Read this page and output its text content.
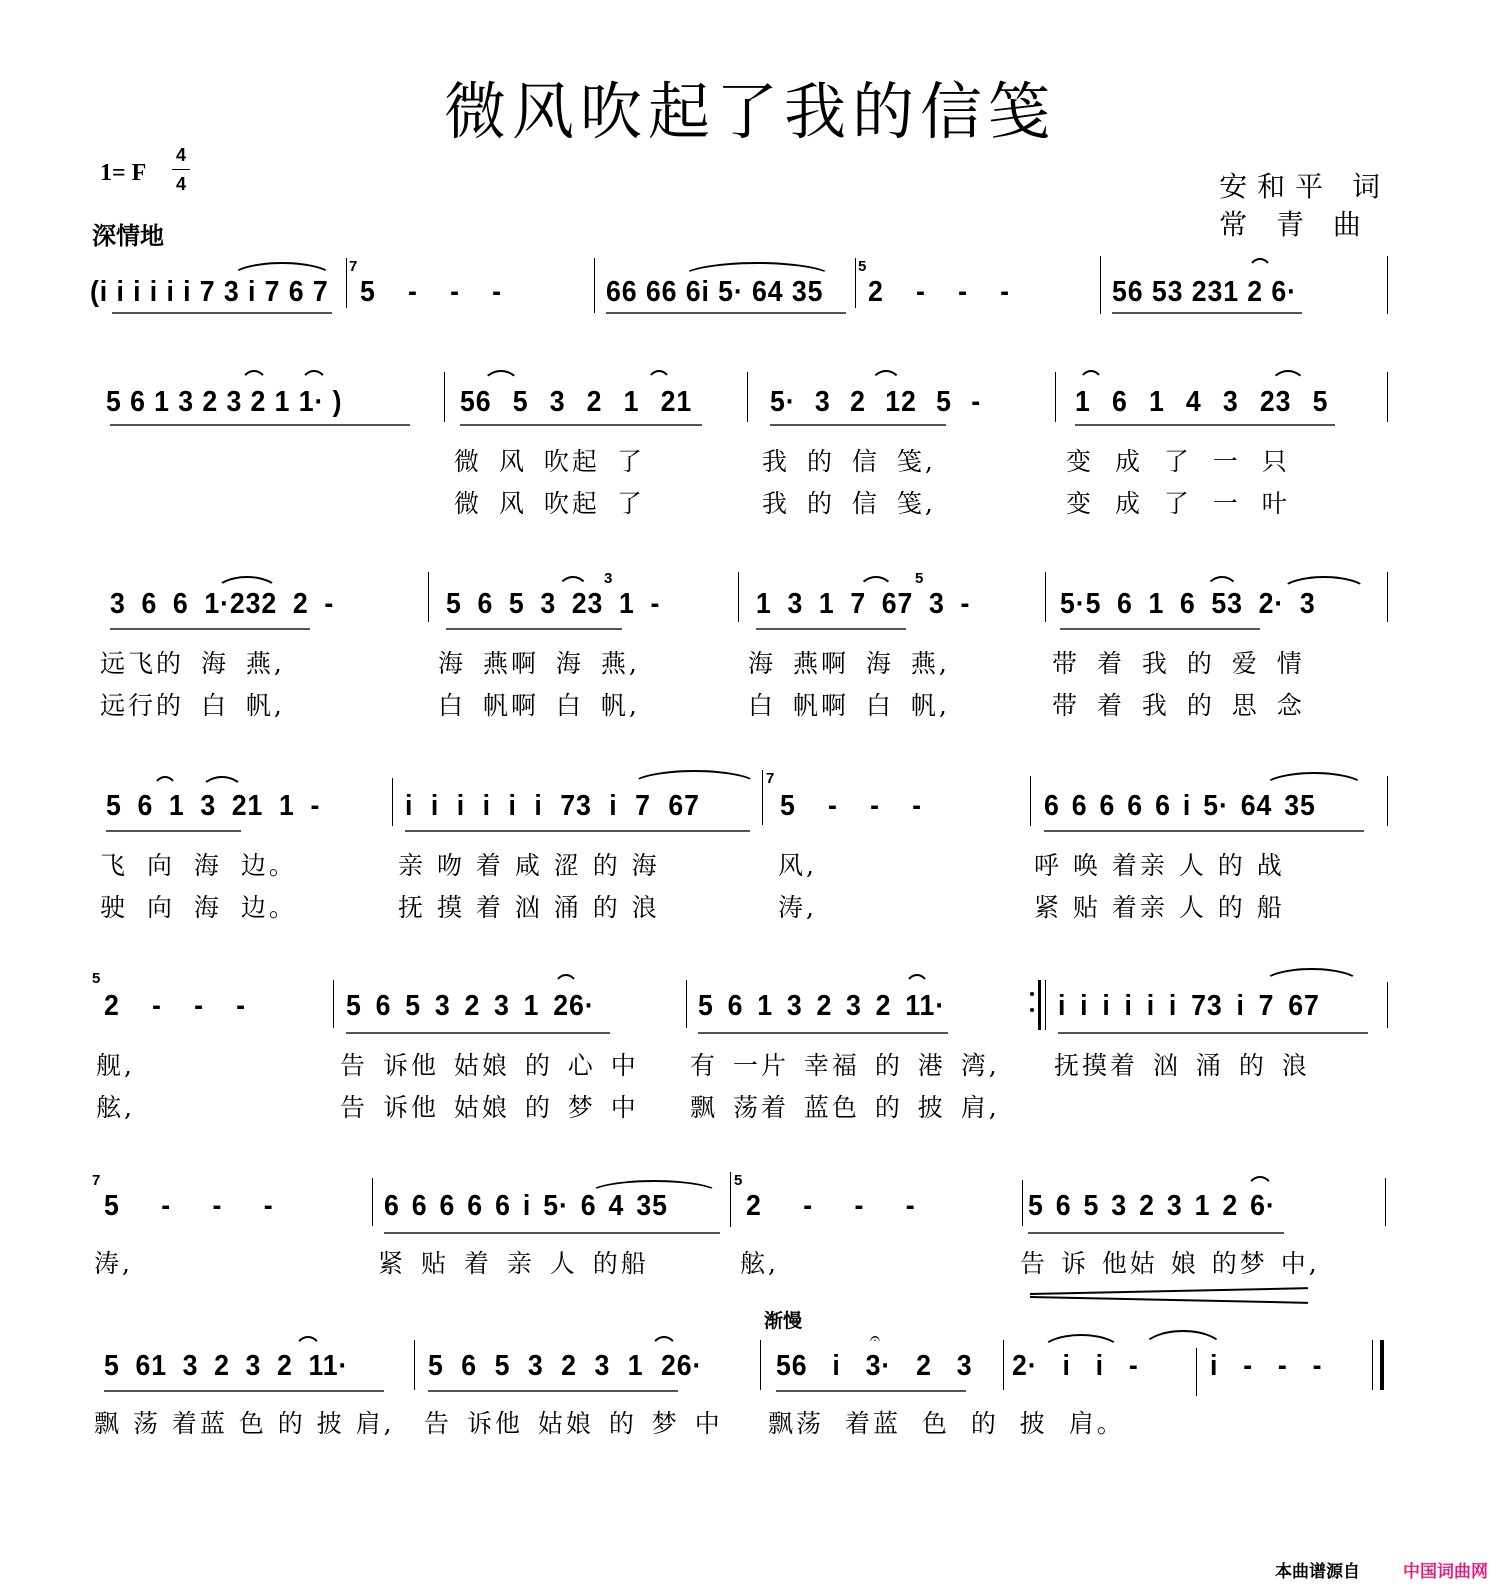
微风吹起了我的信笺
1= F
4
4
深情地
安和平 词
常 青 曲
(i i i i i i 7 3 i 7 6 7
7
5 - - -	66 66 6i 5· 64 35
5
2 - - -	56 53 231 2 6·
5 6 1 3 2 3 2 1 1· )	56 5 3 2 1 21	5· 3 2 12 5 -	1 6 1 4 3 23 5
微 风 吹起 了	我 的 信 笺,	变 成 了 一 只
微 风 吹起 了	我 的 信 笺,	变 成 了 一 叶
3 6 6 1·232 2 -	5 6 5 3 23 1 -
3
1 3 1 7 67 3 -
5
5·5 6 1 6 53 2· 3
远飞的 海 燕,	海 燕啊 海 燕,	海 燕啊 海 燕,	带 着 我 的 爱 情
远行的 白 帆,	白 帆啊 白 帆,	白 帆啊 白 帆,	带 着 我 的 思 念
5 6 1 3 21 1 -	i i i i i i 73 i 7 67
7
5 - - -	6 6 6 6 6 i 5· 64 35
飞 向 海 边。	亲 吻 着 咸 涩 的 海	风,	呼 唤 着亲 人 的 战
驶 向 海 边。	抚 摸 着 汹 涌 的 浪	涛,	紧 贴 着亲 人 的 船
5
2 - - -	5 6 5 3 2 3 1 26·	5 6 1 3 2 3 2 11·	i i i i i i 73 i 7 67
舰,	告 诉他 姑娘 的 心 中 有 一片 幸福 的 港 湾, 抚摸着 汹 涌 的 浪
舷,	告 诉他 姑娘 的 梦 中 飘 荡着 蓝色 的 披 肩,
7
5 - - -	6 6 6 6 6 i 5· 6 4 35
5
2 - - -	5 6 5 3 2 3 1 2 6·
涛,	紧 贴 着 亲 人 的船	舷,	告 诉 他姑 娘 的梦 中,
渐慢
5 61 3 2 3 2 11·	5 6 5 3 2 3 1 26·	56 i 3· 2 3 2· i i - i - - -
𝄐
飘 荡 着蓝 色 的 披 肩, 告 诉他 姑娘 的 梦 中 飘荡 着蓝 色 的 披 肩。
本曲谱源自	中国词曲网
